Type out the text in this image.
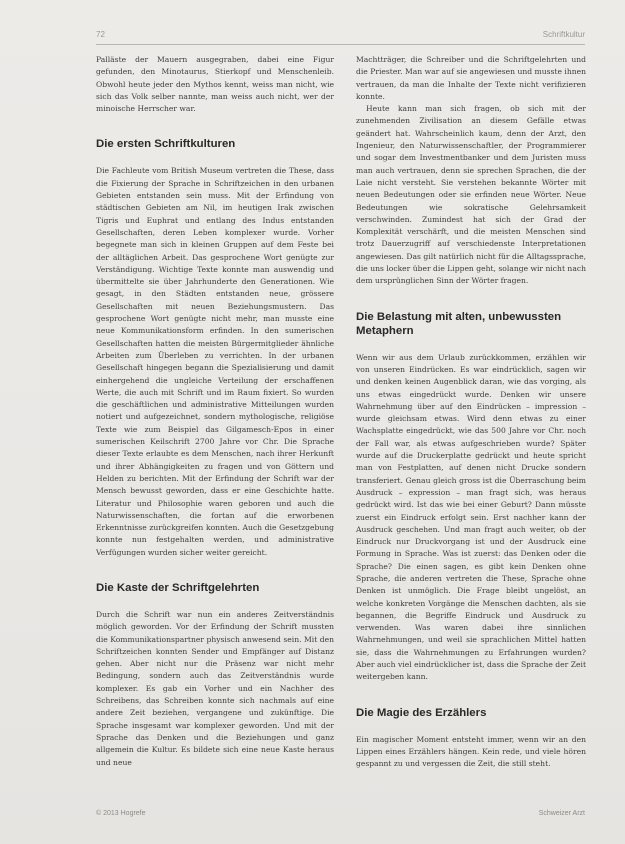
72	Schriftkultur

Palläste der Mauern ausgegraben, dabei eine Figur gefunden, den Minotaurus, Stierkopf und Menschenleib. Obwohl heute jeder den Mythos kennt, weiss man nicht, wie sich das Volk selber nannte, man weiss auch nicht, wer der minoische Herrscher war.

Die ersten Schriftkulturen

Die Fachleute vom British Museum vertreten die These, dass die Fixierung der Sprache in Schriftzeichen in den urbanen Gebieten entstanden sein muss. Mit der Erfindung von städtischen Gebieten am Nil, im heutigen Irak zwischen Tigris und Euphrat und entlang des Indus entstanden Gesellschaften, deren Leben komplexer wurde. Vorher begegnete man sich in kleinen Gruppen auf dem Feste bei der alltäglichen Arbeit. Das gesprochene Wort genügte zur Verständigung. Wichtige Texte konnte man auswendig und übermittelte sie über Jahrhunderte den Generationen. Wie gesagt, in den Städten entstanden neue, grössere Gesellschaften mit neuen Beziehungsmustern. Das gesprochene Wort genügte nicht mehr, man musste eine neue Kommunikationsform erfinden. In den sumerischen Gesellschaften hatten die meisten Bürgermitglieder ähnliche Arbeiten zum Überleben zu verrichten. In der urbanen Gesellschaft hingegen begann die Spezialisierung und damit einhergehend die ungleiche Verteilung der erschaffenen Werte, die auch mit Schrift und im Raum fixiert. So wurden die geschäftlichen und administrative Mitteilungen wurden notiert und aufgezeichnet, sondern mythologische, religiöse Texte wie zum Beispiel das Gilgamesch-Epos in einer sumerischen Keilschrift 2700 Jahre vor Chr. Die Sprache dieser Texte erlaubte es dem Menschen, nach ihrer Herkunft und ihrer Abhängigkeiten zu fragen und von Göttern und Helden zu berichten. Mit der Erfindung der Schrift war der Mensch bewusst geworden, dass er eine Geschichte hatte. Literatur und Philosophie waren geboren und auch die Naturwissenschaften, die fortan auf die erworbenen Erkenntnisse zurückgreifen konnten. Auch die Gesetzgebung konnte nun festgehalten werden, und administrative Verfügungen wurden sicher weiter gereicht.

Die Kaste der Schriftgelehrten

Durch die Schrift war nun ein anderes Zeitverständnis möglich geworden. Vor der Erfindung der Schrift mussten die Kommunikationspartner physisch anwesend sein. Mit den Schriftzeichen konnten Sender und Empfänger auf Distanz gehen. Aber nicht nur die Präsenz war nicht mehr Bedingung, sondern auch das Zeitverständnis wurde komplexer. Es gab ein Vorher und ein Nachher des Schreibens, das Schreiben konnte sich nachmals auf eine andere Zeit beziehen, vergangene und zukünftige. Die Sprache insgesamt war komplexer geworden. Und mit der Sprache das Denken und die Beziehungen und ganz allgemein die Kultur. Es bildete sich eine neue Kaste heraus und neue

Machtträger, die Schreiber und die Schriftgelehrten und die Priester. Man war auf sie angewiesen und musste ihnen vertrauen, da man die Inhalte der Texte nicht verifizieren konnte.

Heute kann man sich fragen, ob sich mit der zunehmenden Zivilisation an diesem Gefälle etwas geändert hat. Wahrscheinlich kaum, denn der Arzt, den Ingenieur, den Naturwissenschaftler, der Programmierer und sogar dem Investmentbanker und dem Juristen muss man auch vertrauen, denn sie sprechen Sprachen, die der Laie nicht versteht. Sie verstehen bekannte Wörter mit neuen Bedeutungen oder sie erfinden neue Wörter. Neue Bedeutungen wie sokratische Gelehrsamkeit verschwinden. Zumindest hat sich der Grad der Komplexität verschärft, und die meisten Menschen sind trotz Dauerzugriff auf verschiedenste Interpretationen angewiesen. Das gilt natürlich nicht für die Alltagssprache, die uns locker über die Lippen geht, solange wir nicht nach dem ursprünglichen Sinn der Wörter fragen.

Die Belastung mit alten, unbewussten Metaphern

Wenn wir aus dem Urlaub zurückkommen, erzählen wir von unseren Eindrücken. Es war eindrücklich, sagen wir und denken keinen Augenblick daran, wie das vorging, als uns etwas eingedrückt wurde. Denken wir unsere Wahrnehmung über auf den Eindrücken – impression – wurde gleichsam etwas. Wird denn etwas zu einer Wachsplatte eingedrückt, wie das 500 Jahre vor Chr. noch der Fall war, als etwas aufgeschrieben wurde? Später wurde auf die Druckerplatte gedrückt und heute spricht man von Festplatten, auf denen nicht Drucke sondern transferiert. Genau gleich gross ist die Überraschung beim Ausdruck – expression – man fragt sich, was heraus gedrückt wird. Ist das wie bei einer Geburt? Dann müsste zuerst ein Eindruck erfolgt sein. Erst nachher kann der Ausdruck geschehen. Und man fragt auch weiter, ob der Eindruck nur Druckvorgang ist und der Ausdruck eine Formung in Sprache. Was ist zuerst: das Denken oder die Sprache? Die einen sagen, es gibt kein Denken ohne Sprache, die anderen vertreten die These, Sprache ohne Denken ist unmöglich. Die Frage bleibt ungelöst, an welche konkreten Vorgänge die Menschen dachten, als sie begannen, die Begriffe Eindruck und Ausdruck zu verwenden. Was waren dabei ihre sinnlichen Wahrnehmungen, und weil sie sprachlichen Mittel hatten sie, dass die Wahrnehmungen zu Erfahrungen wurden? Aber auch viel eindrücklicher ist, dass die Sprache der Zeit weitergeben kann.

Die Magie des Erzählers

Ein magischer Moment entsteht immer, wenn wir an den Lippen eines Erzählers hängen. Kein rede, und viele hören gespannt zu und vergessen die Zeit, die still steht.

© 2013 Hogrefe	Schweizer Arzt
